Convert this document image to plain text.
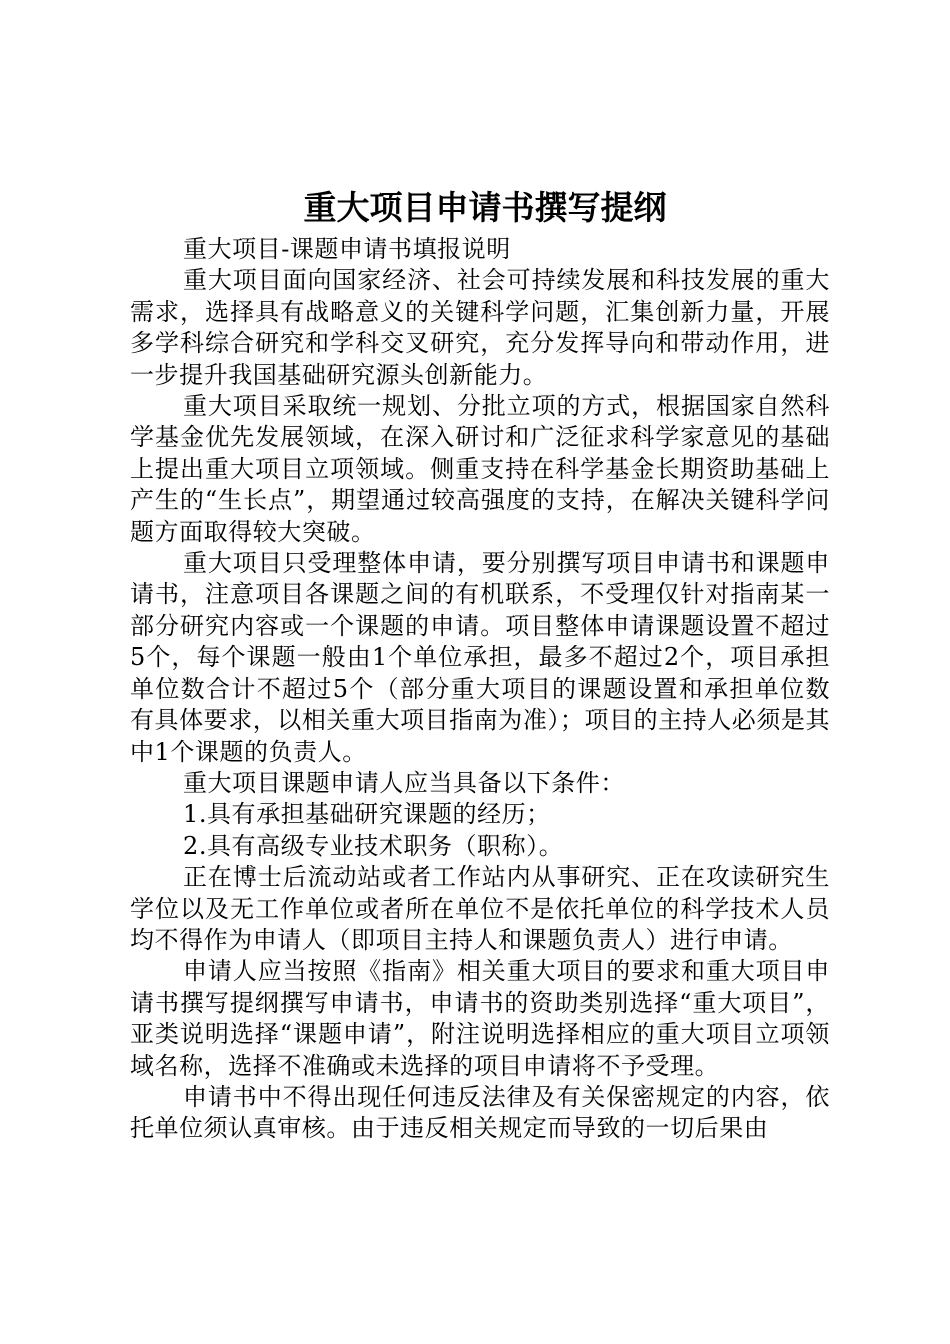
重大项目申请书撰写提纲

重大项目-课题申请书填报说明

重大项目面向国家经济、社会可持续发展和科技发展的重大需求，选择具有战略意义的关键科学问题，汇集创新力量，开展多学科综合研究和学科交叉研究，充分发挥导向和带动作用，进一步提升我国基础研究源头创新能力。

重大项目采取统一规划、分批立项的方式，根据国家自然科学基金优先发展领域，在深入研讨和广泛征求科学家意见的基础上提出重大项目立项领域。侧重支持在科学基金长期资助基础上产生的“生长点”，期望通过较高强度的支持，在解决关键科学问题方面取得较大突破。

重大项目只受理整体申请，要分别撰写项目申请书和课题申请书，注意项目各课题之间的有机联系，不受理仅针对指南某一部分研究内容或一个课题的申请。项目整体申请课题设置不超过5个，每个课题一般由1个单位承担，最多不超过2个，项目承担单位数合计不超过5个（部分重大项目的课题设置和承担单位数有具体要求，以相关重大项目指南为准）；项目的主持人必须是其中1个课题的负责人。

重大项目课题申请人应当具备以下条件：

1.具有承担基础研究课题的经历；

2.具有高级专业技术职务（职称）。

正在博士后流动站或者工作站内从事研究、正在攻读研究生学位以及无工作单位或者所在单位不是依托单位的科学技术人员均不得作为申请人（即项目主持人和课题负责人）进行申请。

申请人应当按照《指南》相关重大项目的要求和重大项目申请书撰写提纲撰写申请书，申请书的资助类别选择“重大项目”，亚类说明选择“课题申请”，附注说明选择相应的重大项目立项领域名称，选择不准确或未选择的项目申请将不予受理。

申请书中不得出现任何违反法律及有关保密规定的内容，依托单位须认真审核。由于违反相关规定而导致的一切后果由
